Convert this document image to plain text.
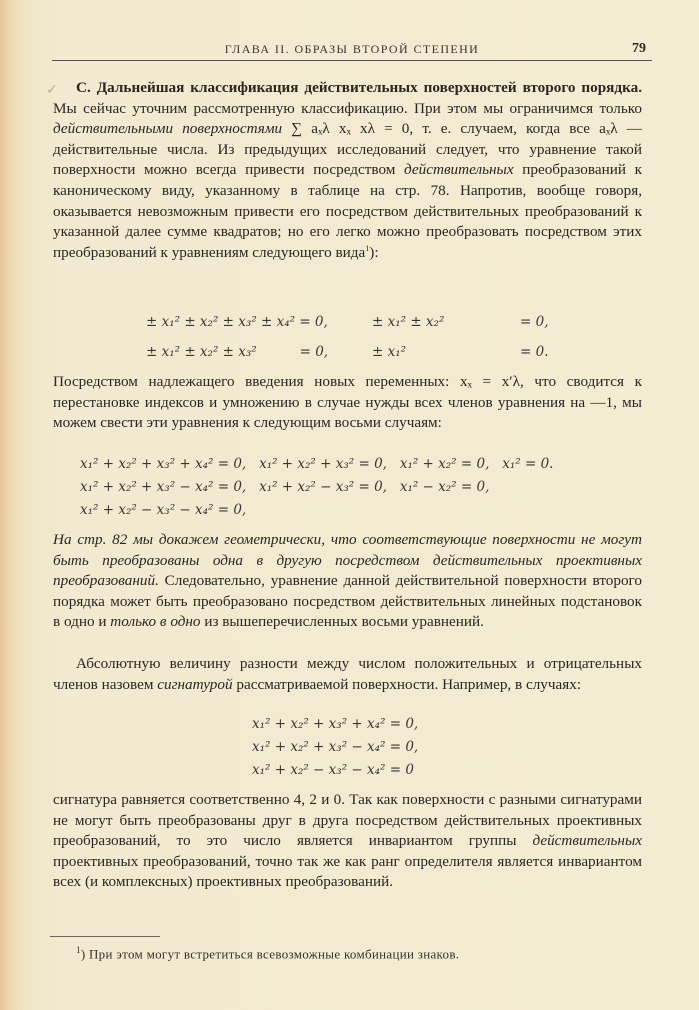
ГЛАВА II. ОБРАЗЫ ВТОРОЙ СТЕПЕНИ	79
✓	С. Дальнейшая классификация действительных поверхностей второго порядка. Мы сейчас уточним рассмотренную классификацию. При этом мы ограничимся только действительными поверхностями ∑ aₓλ xₓ xλ = 0, т. е. случаем, когда все aₓλ — действительные числа. Из предыдущих исследований следует, что уравнение такой поверхности можно всегда привести посредством действительных преобразований к каноническому виду, указанному в таблице на стр. 78. Напротив, вообще говоря, оказывается невозможным привести его посредством действительных преобразований к указанной далее сумме квадратов; но его легко можно преобразовать посредством этих преобразований к уравнениям следующего вида$^1$):

± x₁² ± x₂² ± x₃² ± x₄² = 0,	± x₁² ± x₂²	= 0,
± x₁² ± x₂² ± x₃²          = 0,	± x₁²	= 0.

Посредством надлежащего введения новых переменных: xₓ = x′λ, что сводится к перестановке индексов и умножению в случае нужды всех членов уравнения на —1, мы можем свести эти уравнения к следующим восьми случаям:

x₁² + x₂² + x₃² + x₄² = 0,   x₁² + x₂² + x₃² = 0,   x₁² + x₂² = 0,   x₁² = 0.
x₁² + x₂² + x₃² − x₄² = 0,   x₁² + x₂² − x₃² = 0,   x₁² − x₂² = 0,
x₁² + x₂² − x₃² − x₄² = 0,

На стр. 82 мы докажем геометрически, что соответствующие поверхности не могут быть преобразованы одна в другую посредством действительных проективных преобразований. Следовательно, уравнение данной действительной поверхности второго порядка может быть преобразовано посредством действительных линейных подстановок в одно и только в одно из вышеперечисленных восьми уравнений.

Абсолютную величину разности между числом положительных и отрицательных членов назовем сигнатурой рассматриваемой поверхности. Например, в случаях:

x₁² + x₂² + x₃² + x₄² = 0,
x₁² + x₂² + x₃² − x₄² = 0,
x₁² + x₂² − x₃² − x₄² = 0

сигнатура равняется соответственно 4, 2 и 0. Так как поверхности с разными сигнатурами не могут быть преобразованы друг в друга посредством действительных проективных преобразований, то это число является инвариантом группы действительных проективных преобразований, точно так же как ранг определителя является инвариантом всех (и комплексных) проективных преобразований.

$^1$) При этом могут встретиться всевозможные комбинации знаков.
